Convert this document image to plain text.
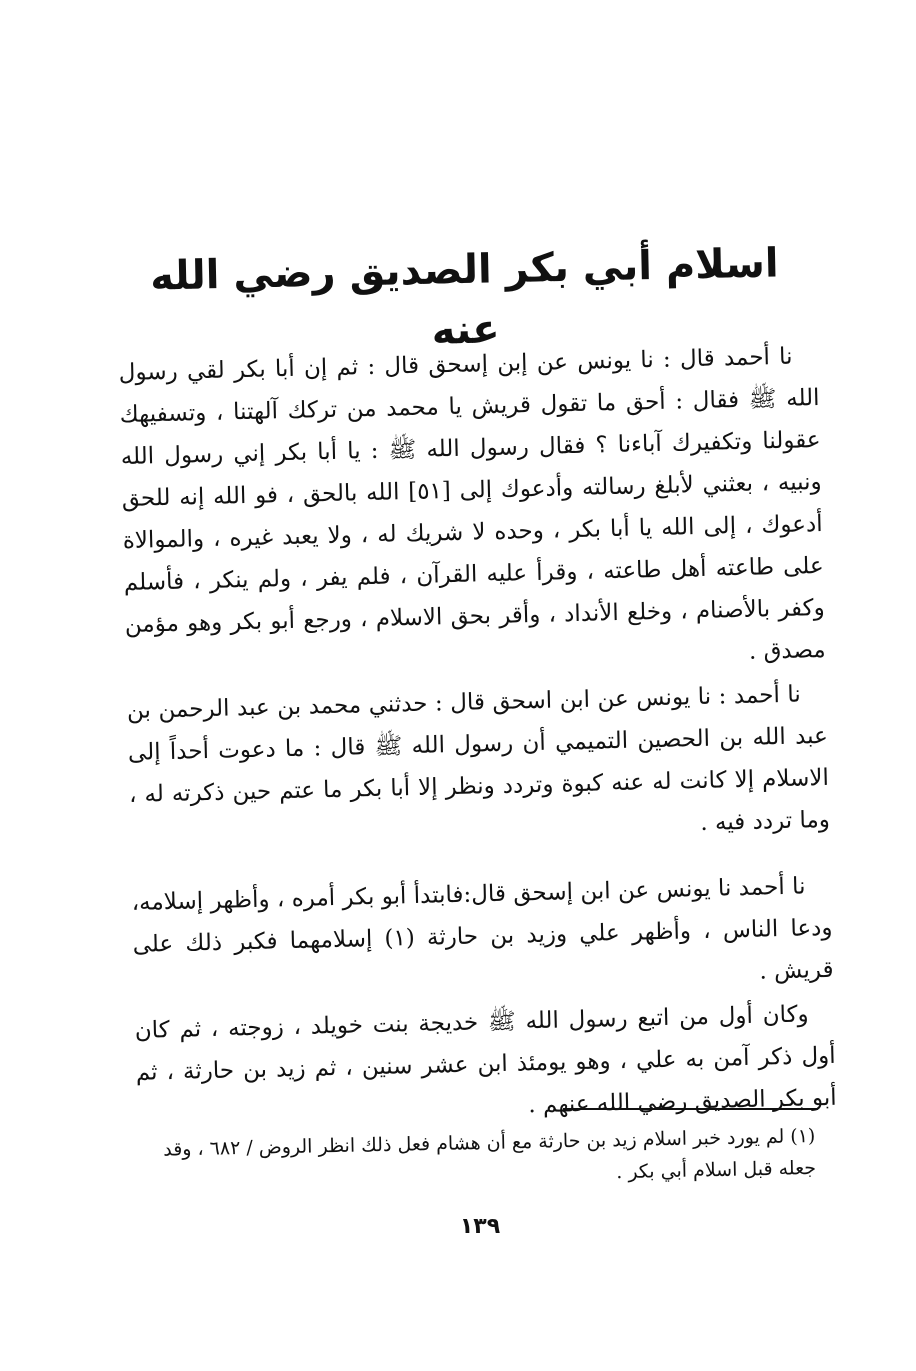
اسلام أبي بكر الصديق رضي الله عنه

نا أحمد قال : نا يونس عن إبن إسحق قال : ثم إن أبا بكر لقي رسول الله ﷺ فقال : أحق ما تقول قريش يا محمد من تركك آلهتنا ، وتسفيهك عقولنا وتكفيرك آباءنا ؟ فقال رسول الله ﷺ : يا أبا بكر إني رسول الله ونبيه ، بعثني لأبلغ رسالته وأدعوك إلى [٥١] الله بالحق ، فو الله إنه للحق أدعوك ، إلى الله يا أبا بكر ، وحده لا شريك له ، ولا يعبد غيره ، والموالاة على طاعته أهل طاعته ، وقرأ عليه القرآن ، فلم يفر ، ولم ينكر ، فأسلم وكفر بالأصنام ، وخلع الأنداد ، وأقر بحق الاسلام ، ورجع أبو بكر وهو مؤمن مصدق .

نا أحمد : نا يونس عن ابن اسحق قال : حدثني محمد بن عبد الرحمن بن عبد الله بن الحصين التميمي أن رسول الله ﷺ قال : ما دعوت أحداً إلى الاسلام إلا كانت له عنه كبوة وتردد ونظر إلا أبا بكر ما عتم حين ذكرته له ، وما تردد فيه .

نا أحمد نا يونس عن ابن إسحق قال:فابتدأ أبو بكر أمره ، وأظهر إسلامه، ودعا الناس ، وأظهر علي وزيد بن حارثة (١) إسلامهما فكبر ذلك على قريش .

وكان أول من اتبع رسول الله ﷺ خديجة بنت خويلد ، زوجته ، ثم كان أول ذكر آمن به علي ، وهو يومئذ ابن عشر سنين ، ثم زيد بن حارثة ، ثم أبو بكر الصديق رضي الله عنهم .

(١) لم يورد خبر اسلام زيد بن حارثة مع أن هشام فعل ذلك انظر الروض / ٦٨٢ ، وقد جعله قبل اسلام أبي بكر .
١٣٩
